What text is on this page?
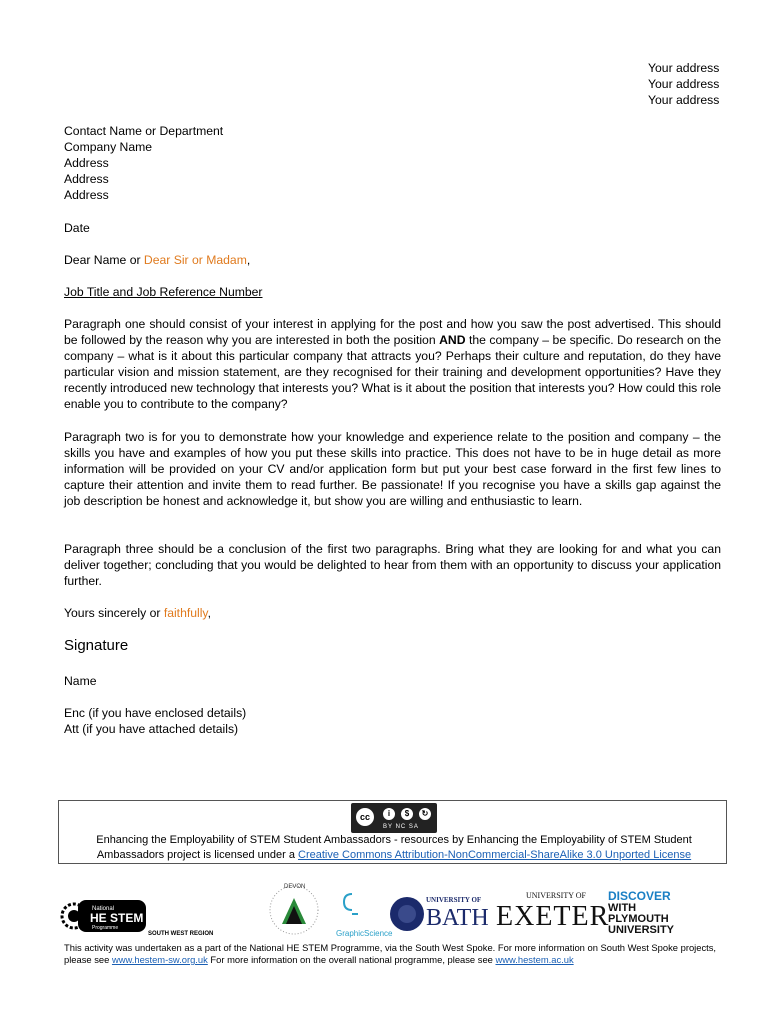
Your address
Your address
Your address
Contact Name or Department
Company Name
Address
Address
Address
Date
Dear Name or Dear Sir or Madam,
Job Title and Job Reference Number
Paragraph one should consist of your interest in applying for the post and how you saw the post advertised. This should be followed by the reason why you are interested in both the position AND the company – be specific. Do research on the company – what is it about this particular company that attracts you? Perhaps their culture and reputation, do they have particular vision and mission statement, are they recognised for their training and development opportunities? Have they recently introduced new technology that interests you? What is it about the position that interests you? How could this role enable you to contribute to the company?
Paragraph two is for you to demonstrate how your knowledge and experience relate to the position and company – the skills you have and examples of how you put these skills into practice. This does not have to be in huge detail as more information will be provided on your CV and/or application form but put your best case forward in the first few lines to capture their attention and invite them to read further. Be passionate! If you recognise you have a skills gap against the job description be honest and acknowledge it, but show you are willing and enthusiastic to learn.
Paragraph three should be a conclusion of the first two paragraphs. Bring what they are looking for and what you can deliver together; concluding that you would be delighted to hear from them with an opportunity to discuss your application further.
Yours sincerely or faithfully,
Signature
Name
Enc (if you have enclosed details)
Att (if you have attached details)
cc	i	$	↻
BY NC SA
Enhancing the Employability of STEM Student Ambassadors - resources by Enhancing the Employability of STEM Student Ambassadors project is licensed under a Creative Commons Attribution-NonCommercial-ShareAlike 3.0 Unported License
National
HE STEM
Programme
SOUTH WEST REGION
DEVON
GraphicScience
UNIVERSITY OF
BATH
UNIVERSITY OF
EXETER
DISCOVER
WITH
PLYMOUTH
UNIVERSITY
This activity was undertaken as a part of the National HE STEM Programme, via the South West Spoke. For more information on South West Spoke projects, please see www.hestem-sw.org.uk For more information on the overall national programme, please see www.hestem.ac.uk
